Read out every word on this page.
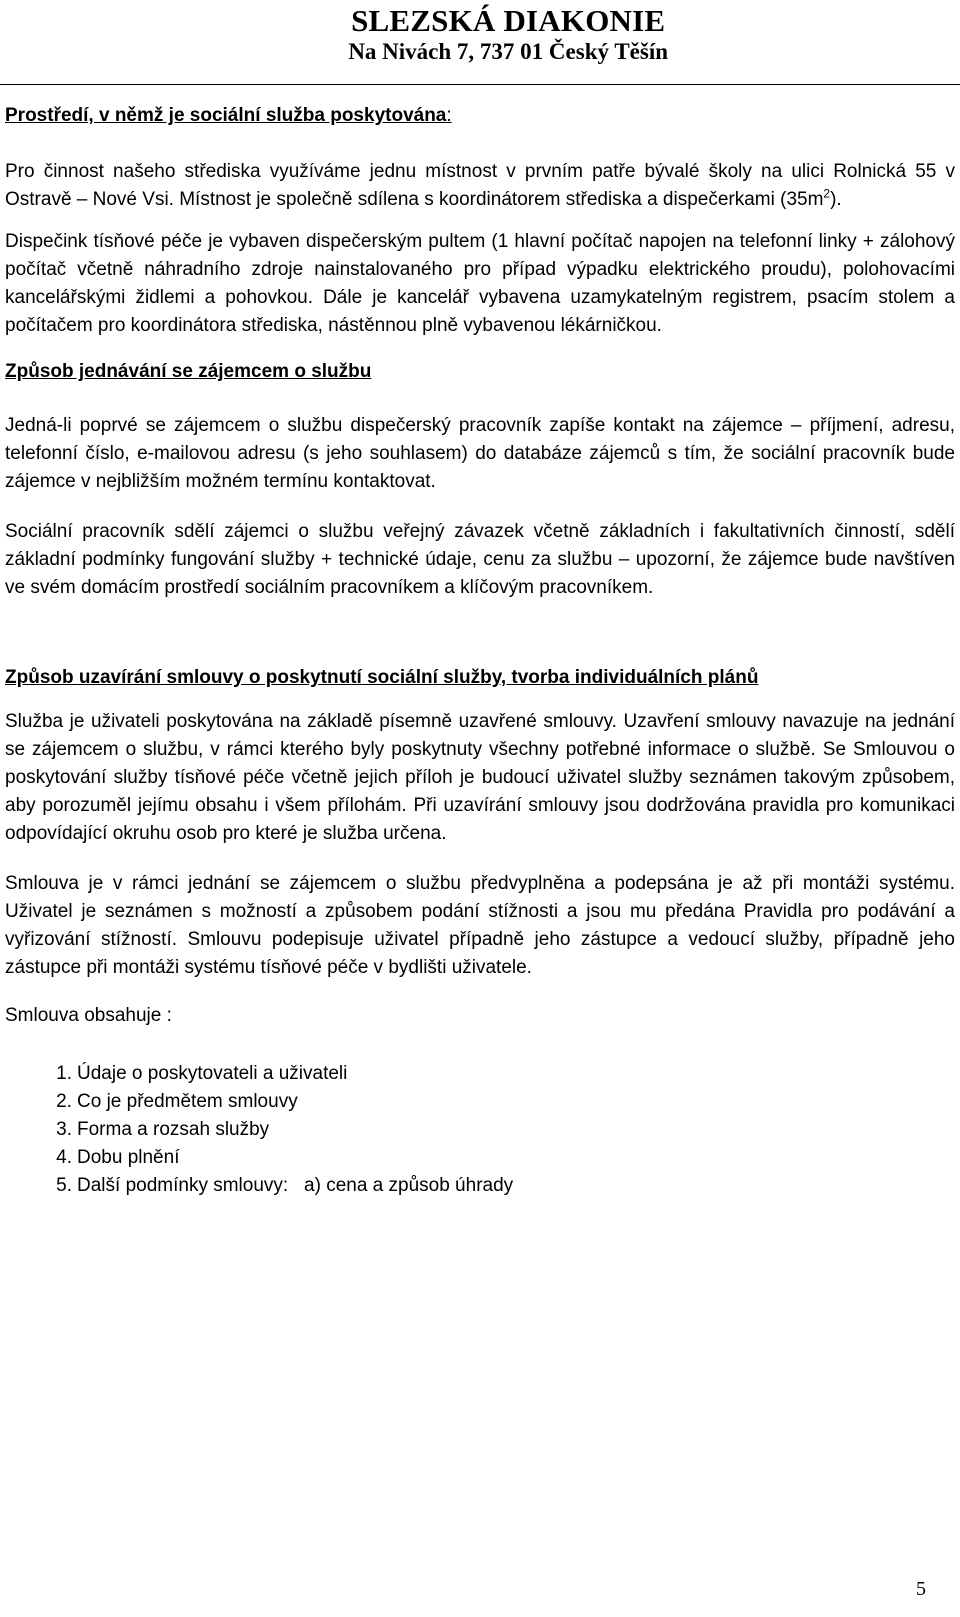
SLEZSKÁ DIAKONIE
Na Nivách 7, 737 01 Český Těšín

Prostředí, v němž je sociální služba poskytována:

Pro činnost našeho střediska využíváme jednu místnost v prvním patře bývalé školy na ulici Rolnická 55 v Ostravě – Nové Vsi. Místnost je společně sdílena s koordinátorem střediska a dispečerkami $(35m^2)$.

Dispečink tísňové péče je vybaven dispečerským pultem (1 hlavní počítač napojen na telefonní linky + zálohový počítač včetně náhradního zdroje nainstalovaného pro případ výpadku elektrického proudu), polohovacími kancelářskými židlemi a pohovkou. Dále je kancelář vybavena uzamykatelným registrem, psacím stolem a počítačem pro koordinátora střediska, nástěnnou plně vybavenou lékárničkou.

Způsob jednávání se zájemcem o službu

Jedná-li poprvé se zájemcem o službu dispečerský pracovník zapíše kontakt na zájemce – příjmení, adresu, telefonní číslo, e-mailovou adresu (s jeho souhlasem) do databáze zájemců s tím, že sociální pracovník bude zájemce v nejbližším možném termínu kontaktovat.

Sociální pracovník sdělí zájemci o službu veřejný závazek včetně základních i fakultativních činností, sdělí základní podmínky fungování služby + technické údaje, cenu za službu – upozorní, že zájemce bude navštíven ve svém domácím prostředí sociálním pracovníkem a klíčovým pracovníkem.

Způsob uzavírání smlouvy o poskytnutí sociální služby, tvorba individuálních plánů

Služba je uživateli poskytována na základě písemně uzavřené smlouvy. Uzavření smlouvy navazuje na jednání se zájemcem o službu, v rámci kterého byly poskytnuty všechny potřebné informace o službě. Se Smlouvou o poskytování služby tísňové péče včetně jejich příloh je budoucí uživatel služby seznámen takovým způsobem, aby porozuměl jejímu obsahu i všem přílohám. Při uzavírání smlouvy jsou dodržována pravidla pro komunikaci odpovídající okruhu osob pro které je služba určena.

Smlouva je v rámci jednání se zájemcem o službu předvyplněna a podepsána je až při montáži systému. Uživatel je seznámen s možností a způsobem podání stížnosti a jsou mu předána Pravidla pro podávání a vyřizování stížností. Smlouvu podepisuje uživatel případně jeho zástupce a vedoucí služby, případně jeho zástupce při montáži systému tísňové péče v bydlišti uživatele.

Smlouva obsahuje :

1. Údaje o poskytovateli a uživateli
2. Co je předmětem smlouvy
3. Forma a rozsah služby
4. Dobu plnění
5. Další podmínky smlouvy:   a) cena a způsob úhrady
5
